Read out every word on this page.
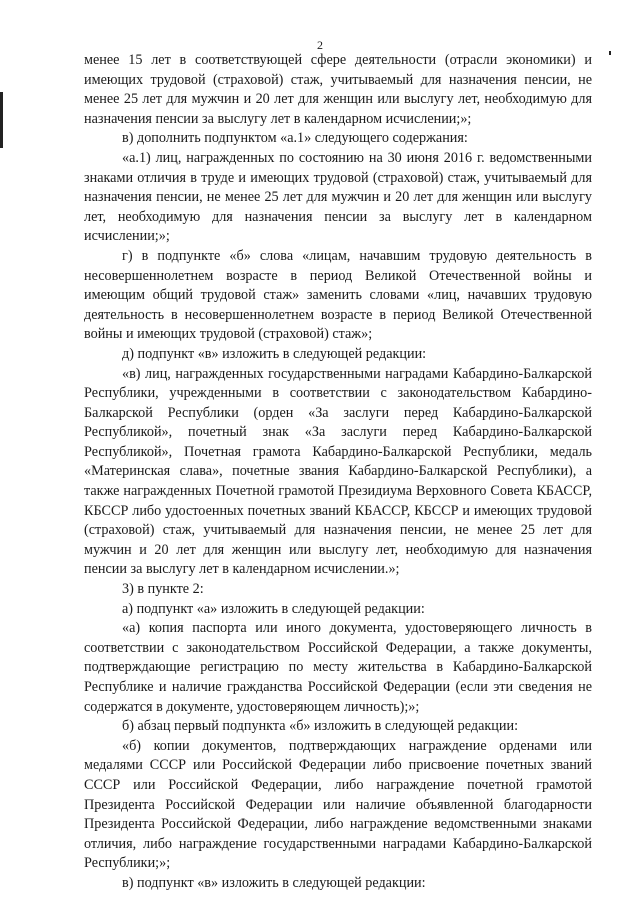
2

менее 15 лет в соответствующей сфере деятельности (отрасли экономики) и имеющих трудовой (страховой) стаж, учитываемый для назначения пенсии, не менее 25 лет для мужчин и 20 лет для женщин или выслугу лет, необходимую для назначения пенсии за выслугу лет в календарном исчислении;»;

в) дополнить подпунктом «а.1» следующего содержания:

«а.1) лиц, награжденных по состоянию на 30 июня 2016 г. ведомственными знаками отличия в труде и имеющих трудовой (страховой) стаж, учитываемый для назначения пенсии, не менее 25 лет для мужчин и 20 лет для женщин или выслугу лет, необходимую для назначения пенсии за выслугу лет в календарном исчислении;»;

г) в подпункте «б» слова «лицам, начавшим трудовую деятельность в несовершеннолетнем возрасте в период Великой Отечественной войны и имеющим общий трудовой стаж» заменить словами «лиц, начавших трудовую деятельность в несовершеннолетнем возрасте в период Великой Отечественной войны и имеющих трудовой (страховой) стаж»;

д) подпункт «в» изложить в следующей редакции:

«в) лиц, награжденных государственными наградами Кабардино-Балкарской Республики, учрежденными в соответствии с законодательством Кабардино-Балкарской Республики (орден «За заслуги перед Кабардино-Балкарской Республикой», почетный знак «За заслуги перед Кабардино-Балкарской Республикой», Почетная грамота Кабардино-Балкарской Республики, медаль «Материнская слава», почетные звания Кабардино-Балкарской Республики), а также награжденных Почетной грамотой Президиума Верховного Совета КБАССР, КБССР либо удостоенных почетных званий КБАССР, КБССР и имеющих трудовой (страховой) стаж, учитываемый для назначения пенсии, не менее 25 лет для мужчин и 20 лет для женщин или выслугу лет, необходимую для назначения пенсии за выслугу лет в календарном исчислении.»;

3) в пункте 2:

а) подпункт «а» изложить в следующей редакции:

«а) копия паспорта или иного документа, удостоверяющего личность в соответствии с законодательством Российской Федерации, а также документы, подтверждающие регистрацию по месту жительства в Кабардино-Балкарской Республике и наличие гражданства Российской Федерации (если эти сведения не содержатся в документе, удостоверяющем личность);»;

б) абзац первый подпункта «б» изложить в следующей редакции:

«б) копии документов, подтверждающих награждение орденами или медалями СССР или Российской Федерации либо присвоение почетных званий СССР или Российской Федерации, либо награждение почетной грамотой Президента Российской Федерации или наличие объявленной благодарности Президента Российской Федерации, либо награждение ведомственными знаками отличия, либо награждение государственными наградами Кабардино-Балкарской Республики;»;

в) подпункт «в» изложить в следующей редакции:
